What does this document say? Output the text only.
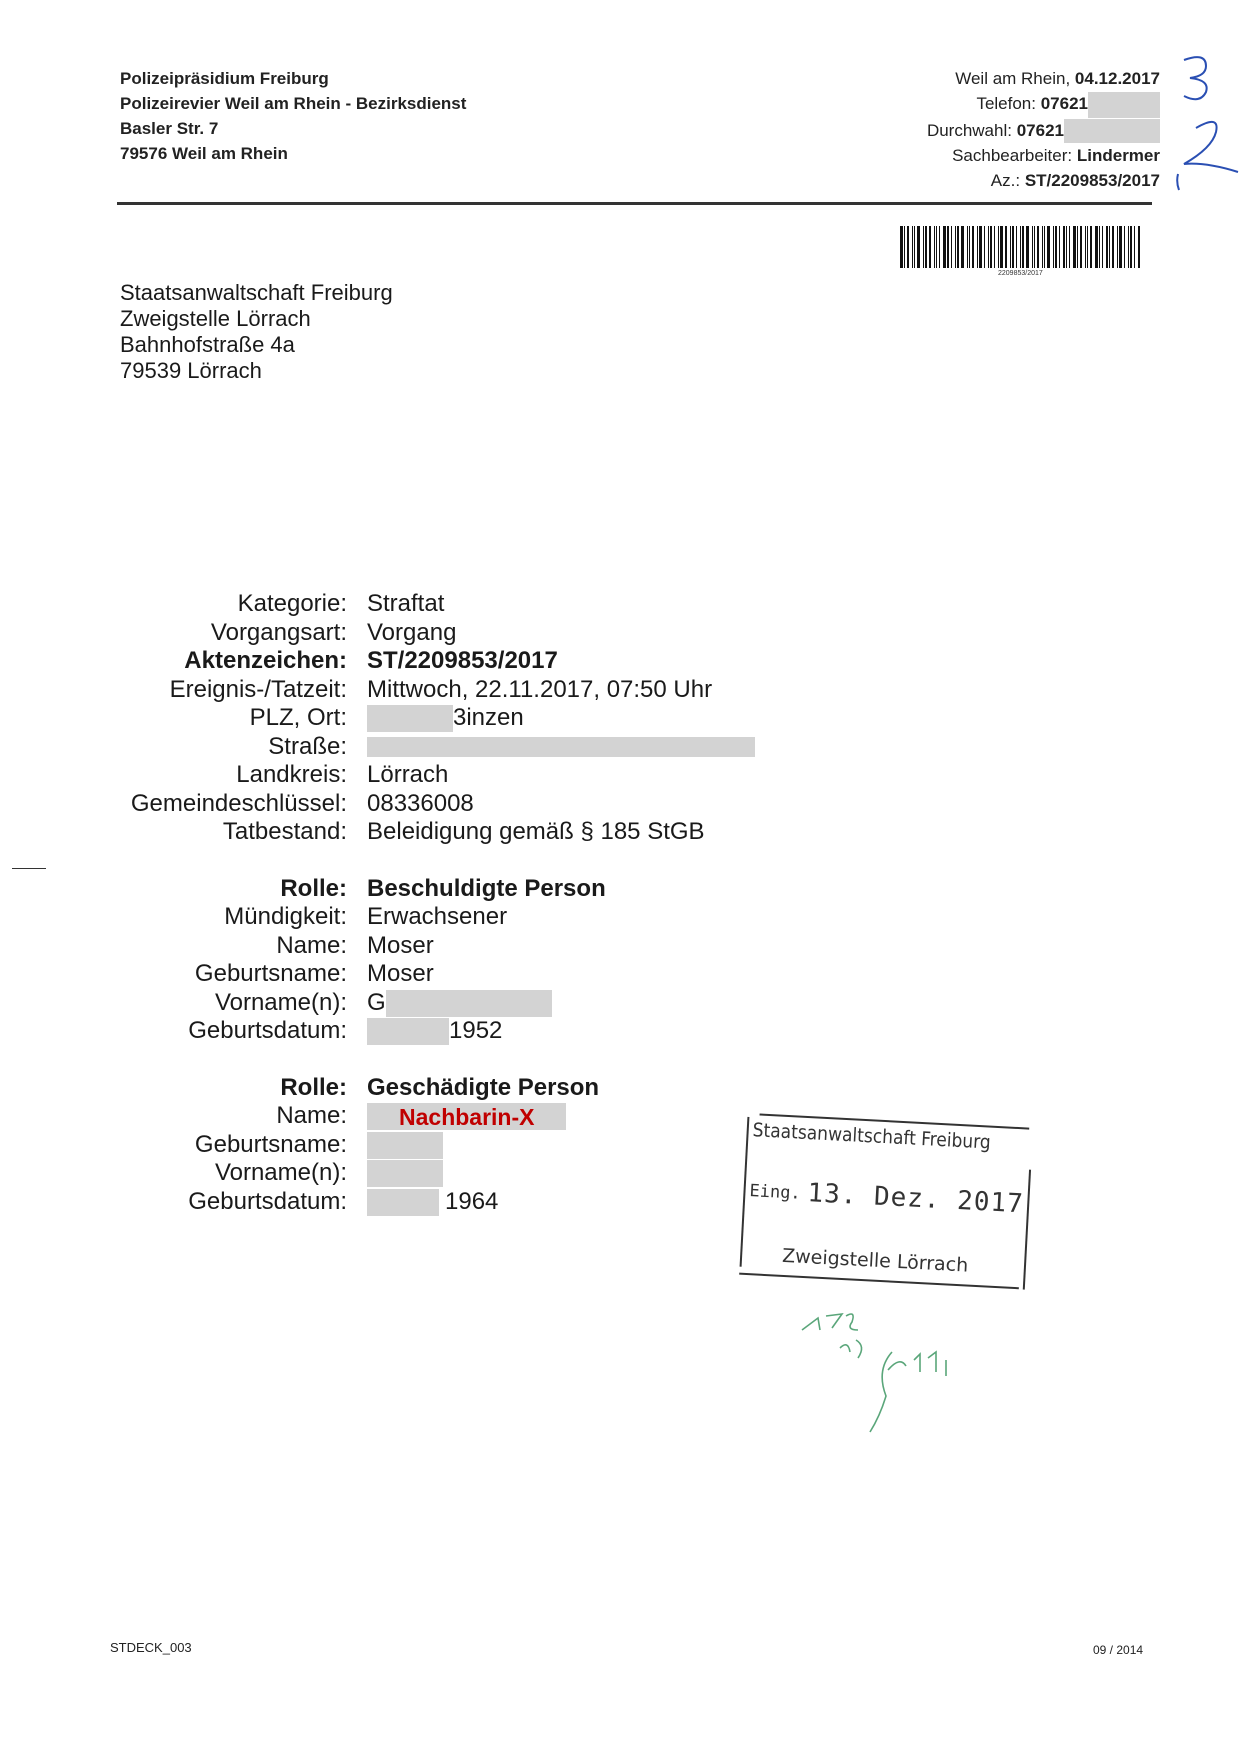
Polizeipräsidium Freiburg
Polizeirevier Weil am Rhein - Bezirksdienst
Basler Str. 7
79576 Weil am Rhein
Weil am Rhein, 04.12.2017
Telefon: 07621
Durchwahl: 07621
Sachbearbeiter: Lindermer
Az.: ST/2209853/2017
2209853/2017
Staatsanwaltschaft Freiburg
Zweigstelle Lörrach
Bahnhofstraße 4a
79539 Lörrach
Kategorie: Straftat
Vorgangsart: Vorgang
Aktenzeichen: ST/2209853/2017
Ereignis-/Tatzeit: Mittwoch, 22.11.2017, 07:50 Uhr
PLZ, Ort:	3inzen
Straße:
Landkreis: Lörrach
Gemeindeschlüssel: 08336008
Tatbestand: Beleidigung gemäß § 185 StGB
Rolle: Beschuldigte Person
Mündigkeit: Erwachsener
Name: Moser
Geburtsname: Moser
Vorname(n): G
Geburtsdatum:	1952
Rolle: Geschädigte Person
Name:	Nachbarin-X
Geburtsname:
Vorname(n):
Geburtsdatum:	1964
Staatsanwaltschaft Freiburg
Eing. 13. Dez. 2017
Zweigstelle Lörrach
STDECK_003	09 / 2014
